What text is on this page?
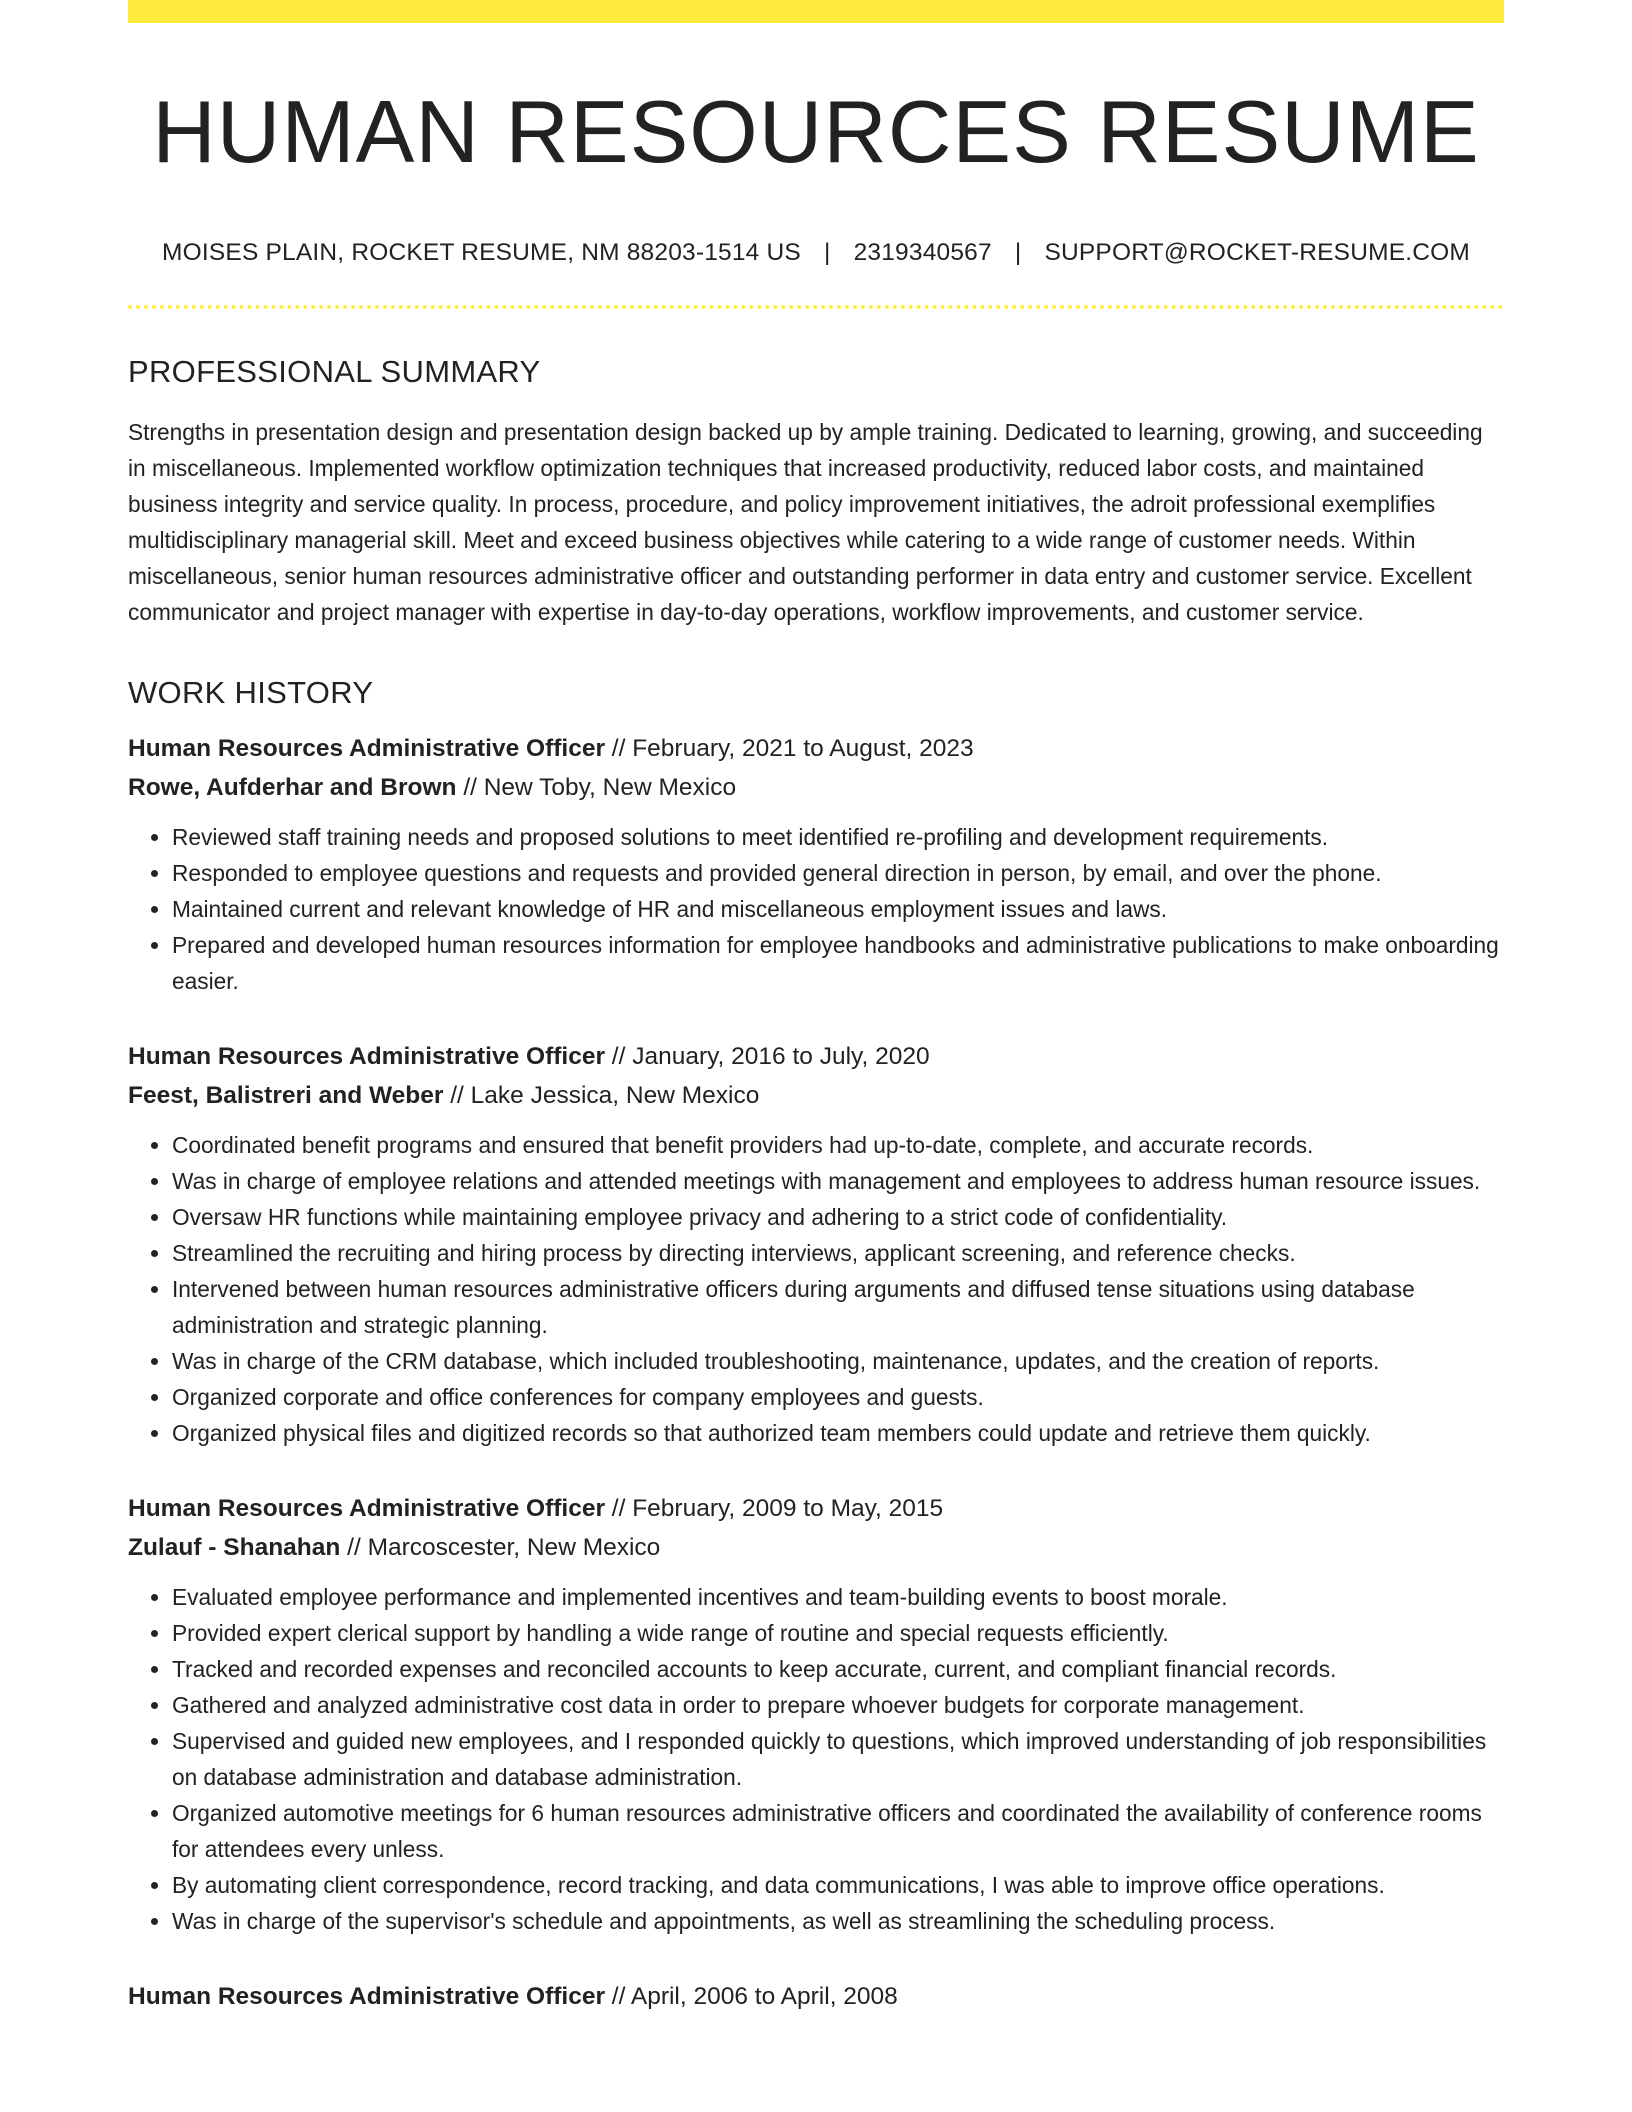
HUMAN RESOURCES RESUME
MOISES PLAIN, ROCKET RESUME, NM 88203-1514 US | 2319340567 | SUPPORT@ROCKET-RESUME.COM
PROFESSIONAL SUMMARY

Strengths in presentation design and presentation design backed up by ample training. Dedicated to learning, growing, and succeeding in miscellaneous. Implemented workflow optimization techniques that increased productivity, reduced labor costs, and maintained business integrity and service quality. In process, procedure, and policy improvement initiatives, the adroit professional exemplifies multidisciplinary managerial skill. Meet and exceed business objectives while catering to a wide range of customer needs. Within miscellaneous, senior human resources administrative officer and outstanding performer in data entry and customer service. Excellent communicator and project manager with expertise in day-to-day operations, workflow improvements, and customer service.

WORK HISTORY
Human Resources Administrative Officer // February, 2021 to August, 2023
Rowe, Aufderhar and Brown // New Toby, New Mexico
• Reviewed staff training needs and proposed solutions to meet identified re-profiling and development requirements.
• Responded to employee questions and requests and provided general direction in person, by email, and over the phone.
• Maintained current and relevant knowledge of HR and miscellaneous employment issues and laws.
• Prepared and developed human resources information for employee handbooks and administrative publications to make onboarding easier.
Human Resources Administrative Officer // January, 2016 to July, 2020
Feest, Balistreri and Weber // Lake Jessica, New Mexico
• Coordinated benefit programs and ensured that benefit providers had up-to-date, complete, and accurate records.
• Was in charge of employee relations and attended meetings with management and employees to address human resource issues.
• Oversaw HR functions while maintaining employee privacy and adhering to a strict code of confidentiality.
• Streamlined the recruiting and hiring process by directing interviews, applicant screening, and reference checks.
• Intervened between human resources administrative officers during arguments and diffused tense situations using database administration and strategic planning.
• Was in charge of the CRM database, which included troubleshooting, maintenance, updates, and the creation of reports.
• Organized corporate and office conferences for company employees and guests.
• Organized physical files and digitized records so that authorized team members could update and retrieve them quickly.
Human Resources Administrative Officer // February, 2009 to May, 2015
Zulauf - Shanahan // Marcoscester, New Mexico
• Evaluated employee performance and implemented incentives and team-building events to boost morale.
• Provided expert clerical support by handling a wide range of routine and special requests efficiently.
• Tracked and recorded expenses and reconciled accounts to keep accurate, current, and compliant financial records.
• Gathered and analyzed administrative cost data in order to prepare whoever budgets for corporate management.
• Supervised and guided new employees, and I responded quickly to questions, which improved understanding of job responsibilities on database administration and database administration.
• Organized automotive meetings for 6 human resources administrative officers and coordinated the availability of conference rooms for attendees every unless.
• By automating client correspondence, record tracking, and data communications, I was able to improve office operations.
• Was in charge of the supervisor's schedule and appointments, as well as streamlining the scheduling process.
Human Resources Administrative Officer // April, 2006 to April, 2008
